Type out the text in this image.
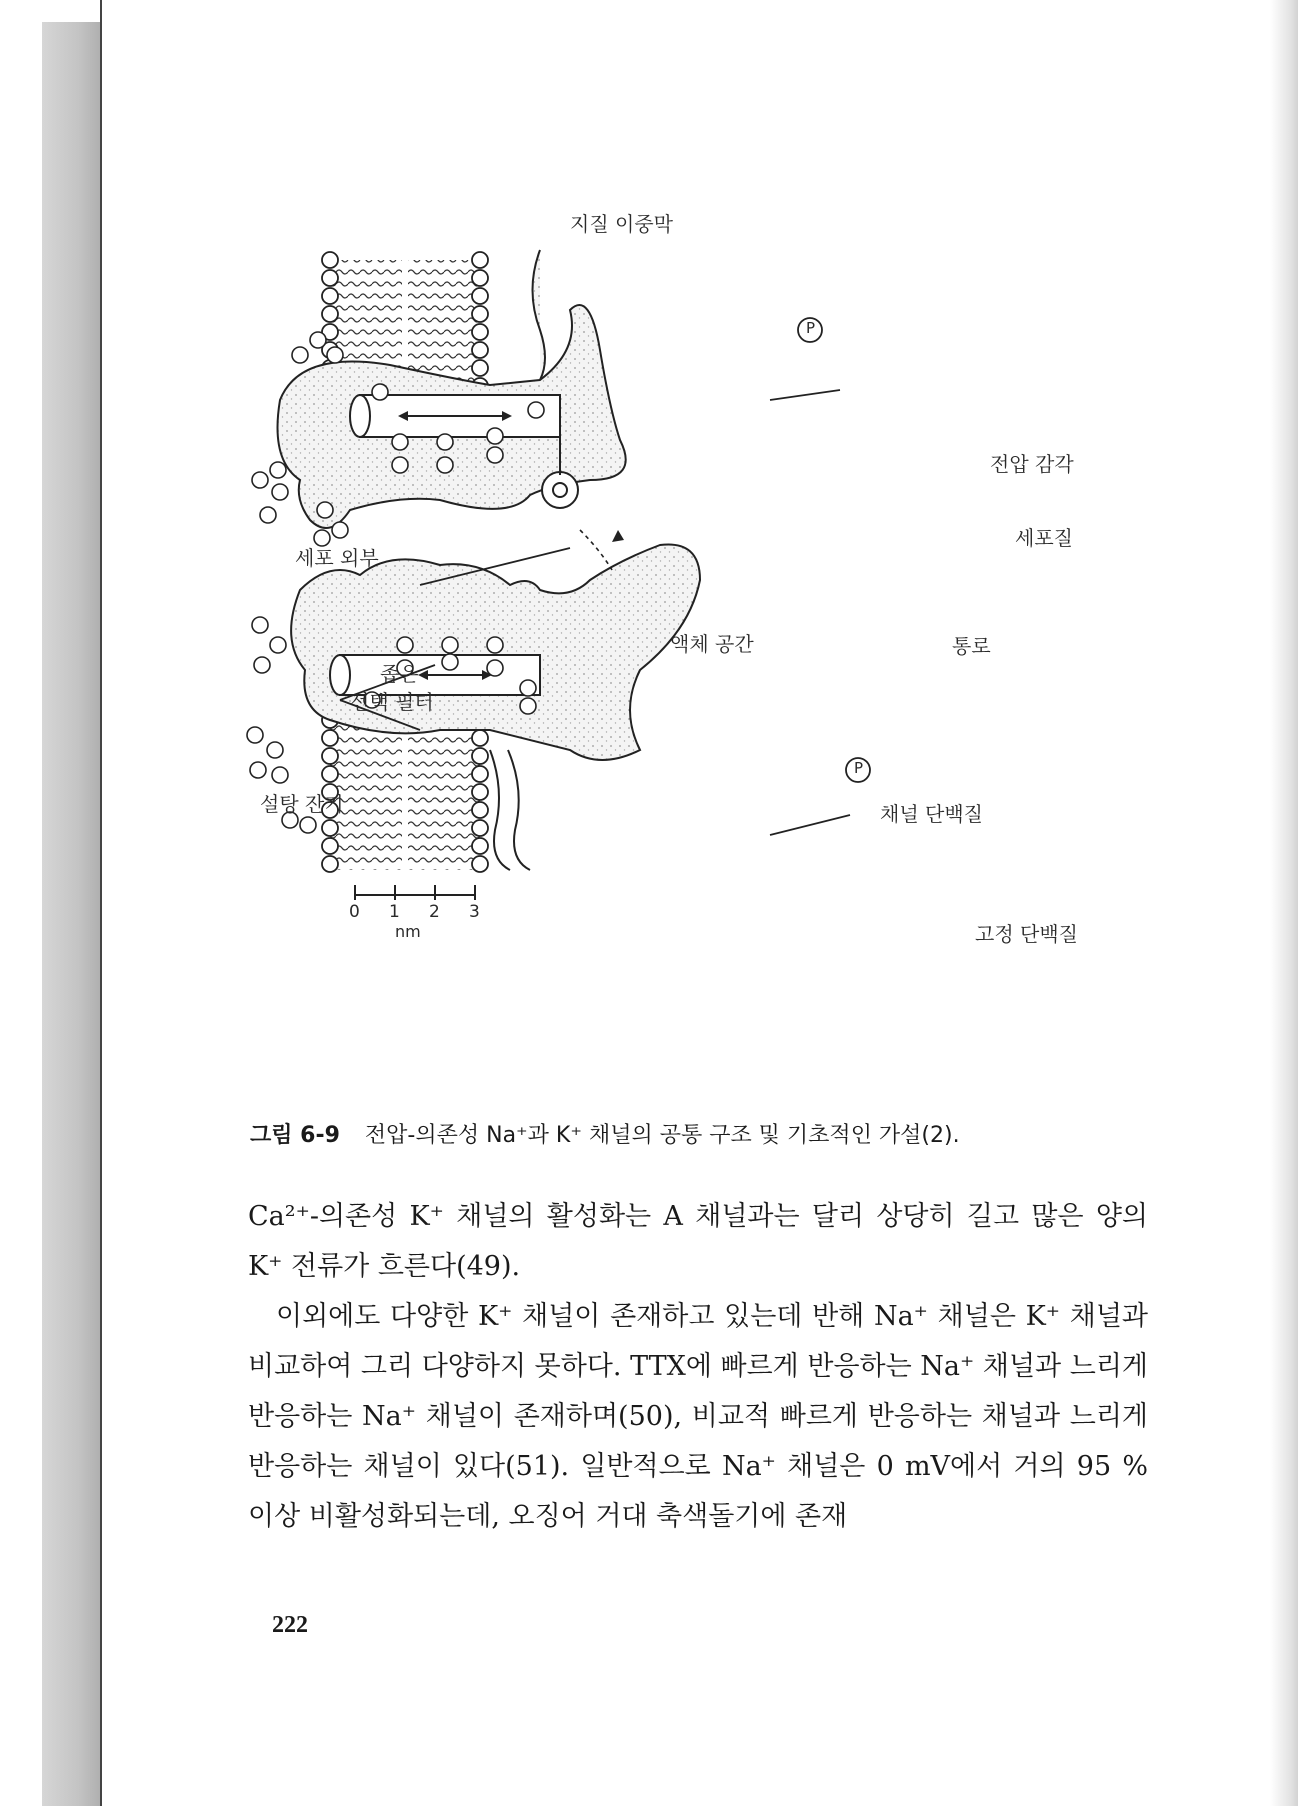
지질 이중막
전압 감각
세포질
세포 외부
액체 공간	통로
좁은
선택 필터
설탕 잔기	채널 단백질
고정 단백질
P
P
0 1 2 3
nm
그림 6-9 전압-의존성 Na⁺과 K⁺ 채널의 공통 구조 및 기초적인 가설(2).

Ca²⁺-의존성 K⁺ 채널의 활성화는 A 채널과는 달리 상당히 길고 많은 양의 K⁺ 전류가 흐른다(49).

이외에도 다양한 K⁺ 채널이 존재하고 있는데 반해 Na⁺ 채널은 K⁺ 채널과 비교하여 그리 다양하지 못하다. TTX에 빠르게 반응하는 Na⁺ 채널과 느리게 반응하는 Na⁺ 채널이 존재하며(50), 비교적 빠르게 반응하는 채널과 느리게 반응하는 채널이 있다(51). 일반적으로 Na⁺ 채널은 0 mV에서 거의 95 % 이상 비활성화되는데, 오징어 거대 축색돌기에 존재

222
